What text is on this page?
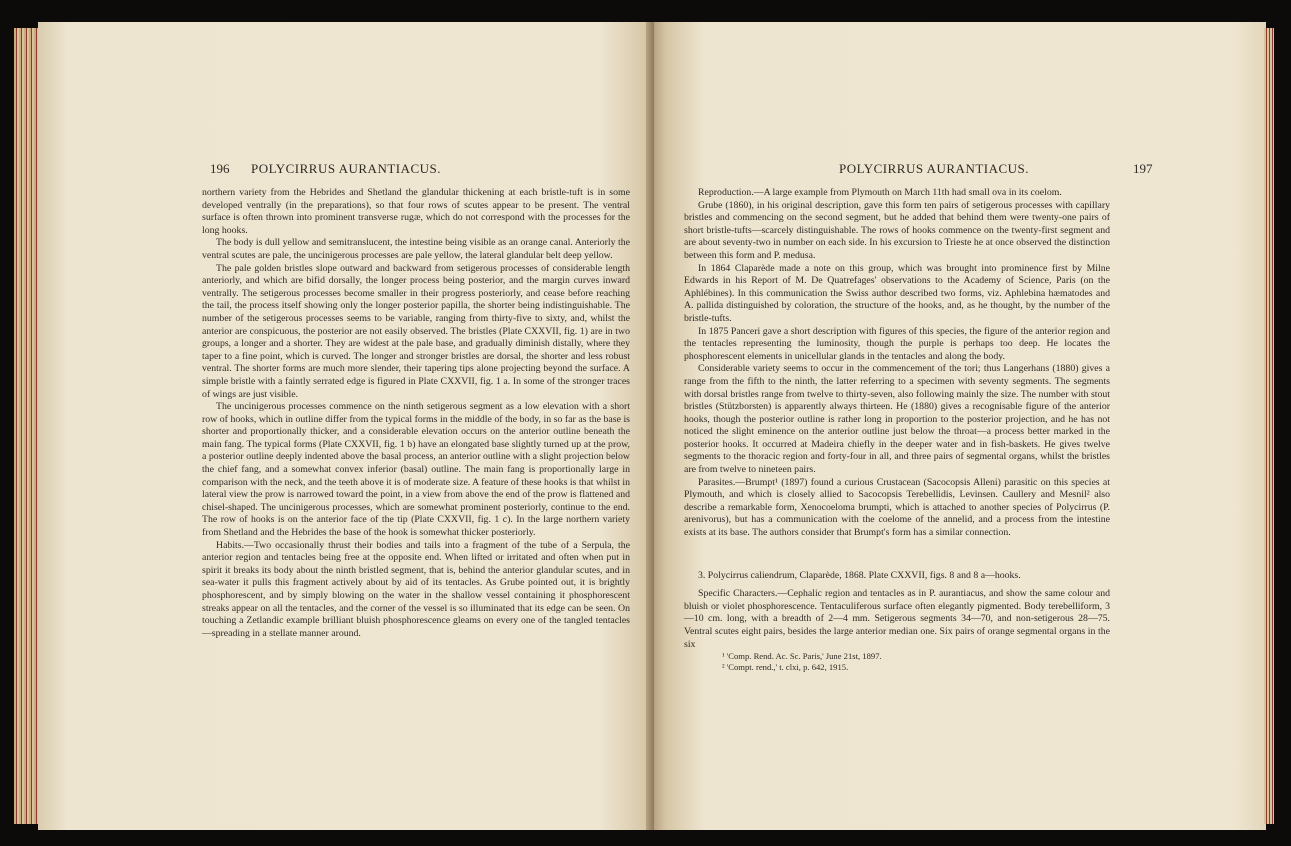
196	POLYCIRRUS AURANTIACUS.

northern variety from the Hebrides and Shetland the glandular thickening at each bristle-tuft is in some developed ventrally (in the preparations), so that four rows of scutes appear to be present. The ventral surface is often thrown into prominent transverse rugæ, which do not correspond with the processes for the long hooks.

The body is dull yellow and semitranslucent, the intestine being visible as an orange canal. Anteriorly the ventral scutes are pale, the uncinigerous processes are pale yellow, the lateral glandular belt deep yellow.

The pale golden bristles slope outward and backward from setigerous processes of considerable length anteriorly, and which are bifid dorsally, the longer process being posterior, and the margin curves inward ventrally. The setigerous processes become smaller in their progress posteriorly, and cease before reaching the tail, the process itself showing only the longer posterior papilla, the shorter being indistinguishable. The number of the setigerous processes seems to be variable, ranging from thirty-five to sixty, and, whilst the anterior are conspicuous, the posterior are not easily observed. The bristles (Plate CXXVII, fig. 1) are in two groups, a longer and a shorter. They are widest at the pale base, and gradually diminish distally, where they taper to a fine point, which is curved. The longer and stronger bristles are dorsal, the shorter and less robust ventral. The shorter forms are much more slender, their tapering tips alone projecting beyond the surface. A simple bristle with a faintly serrated edge is figured in Plate CXXVII, fig. 1 a. In some of the stronger traces of wings are just visible.

The uncinigerous processes commence on the ninth setigerous segment as a low elevation with a short row of hooks, which in outline differ from the typical forms in the middle of the body, in so far as the base is shorter and proportionally thicker, and a considerable elevation occurs on the anterior outline beneath the main fang. The typical forms (Plate CXXVII, fig. 1 b) have an elongated base slightly turned up at the prow, a posterior outline deeply indented above the basal process, an anterior outline with a slight projection below the chief fang, and a somewhat convex inferior (basal) outline. The main fang is proportionally large in comparison with the neck, and the teeth above it is of moderate size. A feature of these hooks is that whilst in lateral view the prow is narrowed toward the point, in a view from above the end of the prow is flattened and chisel-shaped. The uncinigerous processes, which are somewhat prominent posteriorly, continue to the end. The row of hooks is on the anterior face of the tip (Plate CXXVII, fig. 1 c). In the large northern variety from Shetland and the Hebrides the base of the hook is somewhat thicker posteriorly.

Habits.—Two occasionally thrust their bodies and tails into a fragment of the tube of a Serpula, the anterior region and tentacles being free at the opposite end. When lifted or irritated and often when put in spirit it breaks its body about the ninth bristled segment, that is, behind the anterior glandular scutes, and in sea-water it pulls this fragment actively about by aid of its tentacles. As Grube pointed out, it is brightly phosphorescent, and by simply blowing on the water in the shallow vessel containing it phosphorescent streaks appear on all the tentacles, and the corner of the vessel is so illuminated that its edge can be seen. On touching a Zetlandic example brilliant bluish phosphorescence gleams on every one of the tangled tentacles—spreading in a stellate manner around.

POLYCIRRUS AURANTIACUS.	197

Reproduction.—A large example from Plymouth on March 11th had small ova in its coelom.

Grube (1860), in his original description, gave this form ten pairs of setigerous processes with capillary bristles and commencing on the second segment, but he added that behind them were twenty-one pairs of short bristle-tufts—scarcely distinguishable. The rows of hooks commence on the twenty-first segment and are about seventy-two in number on each side. In his excursion to Trieste he at once observed the distinction between this form and P. medusa.

In 1864 Claparède made a note on this group, which was brought into prominence first by Milne Edwards in his Report of M. De Quatrefages' observations to the Academy of Science, Paris (on the Aphlébines). In this communication the Swiss author described two forms, viz. Aphlebina hæmatodes and A. pallida distinguished by coloration, the structure of the hooks, and, as he thought, by the number of the bristle-tufts.

In 1875 Panceri gave a short description with figures of this species, the figure of the anterior region and the tentacles representing the luminosity, though the purple is perhaps too deep. He locates the phosphorescent elements in unicellular glands in the tentacles and along the body.

Considerable variety seems to occur in the commencement of the tori; thus Langerhans (1880) gives a range from the fifth to the ninth, the latter referring to a specimen with seventy segments. The segments with dorsal bristles range from twelve to thirty-seven, also following mainly the size. The number with stout bristles (Stützborsten) is apparently always thirteen. He (1880) gives a recognisable figure of the anterior hooks, though the posterior outline is rather long in proportion to the posterior projection, and he has not noticed the slight eminence on the anterior outline just below the throat—a process better marked in the posterior hooks. It occurred at Madeira chiefly in the deeper water and in fish-baskets. He gives twelve segments to the thoracic region and forty-four in all, and three pairs of segmental organs, whilst the bristles are from twelve to nineteen pairs.

Parasites.—Brumpt¹ (1897) found a curious Crustacean (Sacocopsis Alleni) parasitic on this species at Plymouth, and which is closely allied to Sacocopsis Terebellidis, Levinsen. Caullery and Mesnil² also describe a remarkable form, Xenocoeloma brumpti, which is attached to another species of Polycirrus (P. arenivorus), but has a communication with the coelome of the annelid, and a process from the intestine exists at its base. The authors consider that Brumpt's form has a similar connection.

3. Polycirrus caliendrum, Claparède, 1868. Plate CXXVII, figs. 8 and 8 a—hooks.

Specific Characters.—Cephalic region and tentacles as in P. aurantiacus, and show the same colour and bluish or violet phosphorescence. Tentaculiferous surface often elegantly pigmented. Body terebelliform, 3—10 cm. long, with a breadth of 2—4 mm. Setigerous segments 34—70, and non-setigerous 28—75. Ventral scutes eight pairs, besides the large anterior median one. Six pairs of orange segmental organs in the six

¹ 'Comp. Rend. Ac. Sc. Paris,' June 21st, 1897.

² 'Compt. rend.,' t. clxi, p. 642, 1915.
